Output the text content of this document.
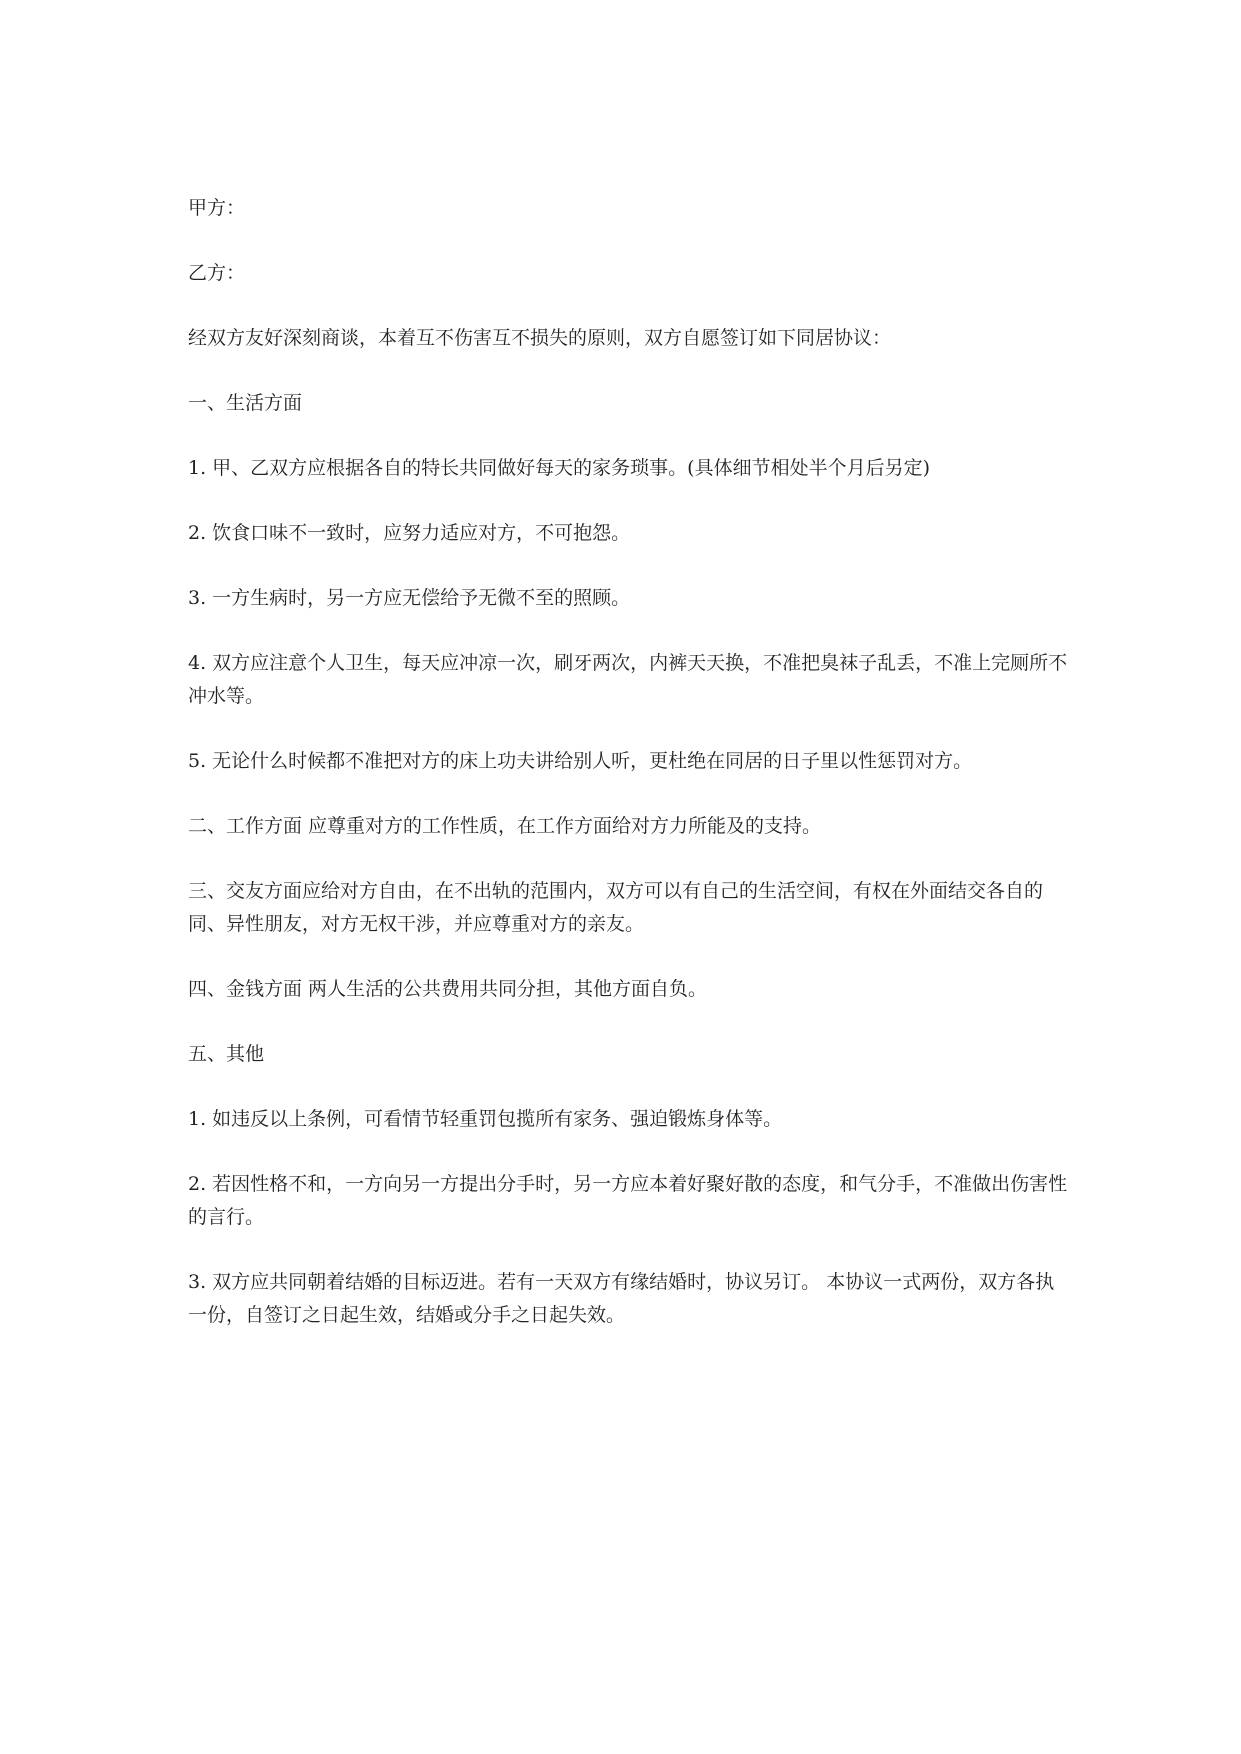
甲方：

乙方：

经双方友好深刻商谈，本着互不伤害互不损失的原则，双方自愿签订如下同居协议：

一、生活方面

1. 甲、乙双方应根据各自的特长共同做好每天的家务琐事。(具体细节相处半个月后另定)

2. 饮食口味不一致时，应努力适应对方，不可抱怨。

3. 一方生病时，另一方应无偿给予无微不至的照顾。

4. 双方应注意个人卫生，每天应冲凉一次，刷牙两次，内裤天天换，不准把臭袜子乱丢，不准上完厕所不冲水等。

5. 无论什么时候都不准把对方的床上功夫讲给别人听，更杜绝在同居的日子里以性惩罚对方。

二、工作方面 应尊重对方的工作性质，在工作方面给对方力所能及的支持。

三、交友方面应给对方自由，在不出轨的范围内，双方可以有自己的生活空间，有权在外面结交各自的同、异性朋友，对方无权干涉，并应尊重对方的亲友。

四、金钱方面 两人生活的公共费用共同分担，其他方面自负。

五、其他

1. 如违反以上条例，可看情节轻重罚包揽所有家务、强迫锻炼身体等。

2. 若因性格不和，一方向另一方提出分手时，另一方应本着好聚好散的态度，和气分手，不准做出伤害性的言行。

3. 双方应共同朝着结婚的目标迈进。若有一天双方有缘结婚时，协议另订。 本协议一式两份，双方各执一份，自签订之日起生效，结婚或分手之日起失效。
